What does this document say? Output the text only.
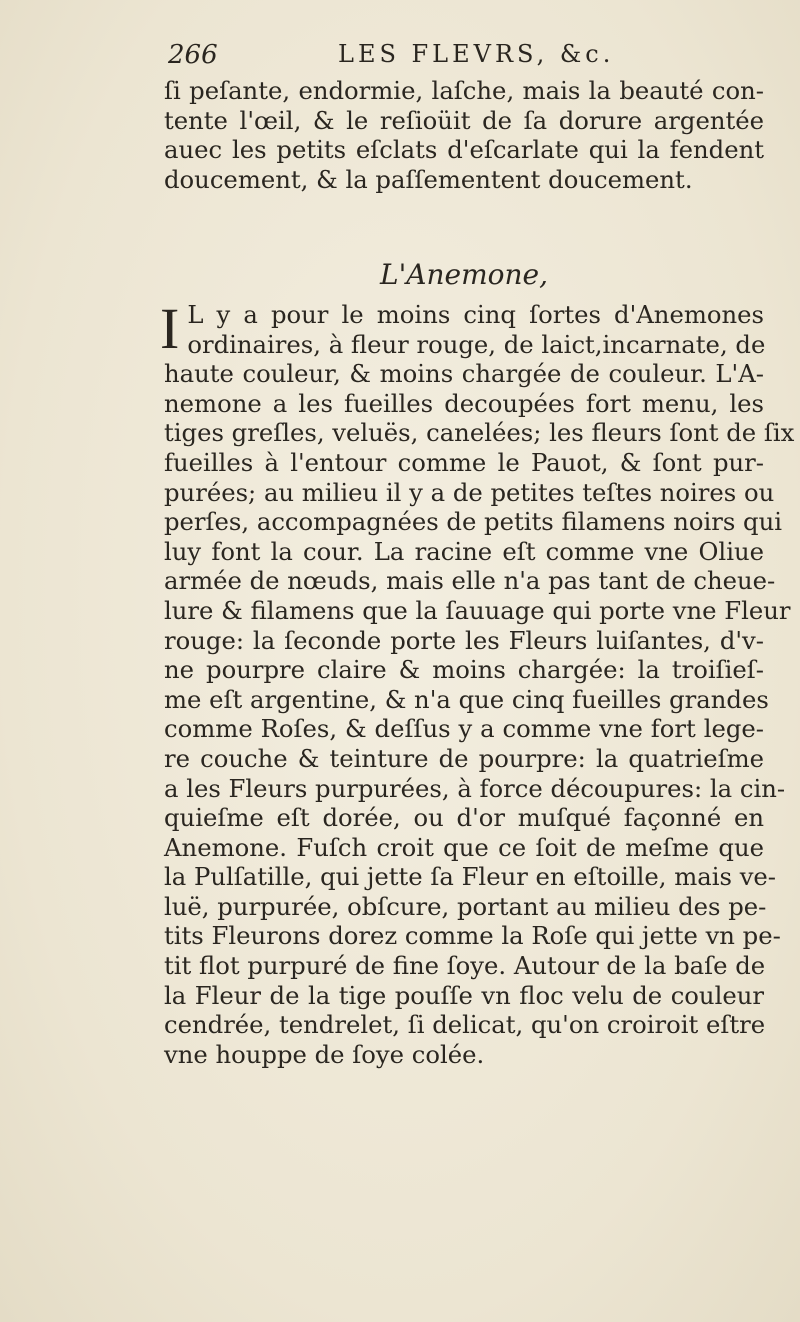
266	LES FLEVRS, &c.
ſi peſante, endormie, laſche, mais la beauté con-
tente l'œil, & le reſioüit de ſa dorure argentée
auec les petits eſclats d'eſcarlate qui la fendent
doucement, & la paſſementent doucement.
L'Anemone,
I L y a pour le moins cinq ſortes d'Anemones
ordinaires, à fleur rouge, de laict,incarnate, de
haute couleur, & moins chargée de couleur. L'A-
nemone a les fueilles decoupées fort menu, les
tiges greſles, veluës, canelées; les fleurs ſont de ſix
fueilles à l'entour comme le Pauot, & ſont pur-
purées; au milieu il y a de petites teſtes noires ou
perſes, accompagnées de petits filamens noirs qui
luy font la cour. La racine eſt comme vne Oliue
armée de nœuds, mais elle n'a pas tant de cheue-
lure & filamens que la ſauuage qui porte vne Fleur
rouge: la ſeconde porte les Fleurs luiſantes, d'v-
ne pourpre claire & moins chargée: la troiſieſ-
me eſt argentine, & n'a que cinq fueilles grandes
comme Roſes, & deſſus y a comme vne fort lege-
re couche & teinture de pourpre: la quatrieſme
a les Fleurs purpurées, à force découpures: la cin-
quieſme eſt dorée, ou d'or muſqué façonné en
Anemone. Fuſch croit que ce ſoit de meſme que
la Pulſatille, qui jette ſa Fleur en eſtoille, mais ve-
luë, purpurée, obſcure, portant au milieu des pe-
tits Fleurons dorez comme la Roſe qui jette vn pe-
tit flot purpuré de fine ſoye. Autour de la baſe de
la Fleur de la tige pouſſe vn floc velu de couleur
cendrée, tendrelet, ſi delicat, qu'on croiroit eſtre
vne houppe de ſoye colée.
